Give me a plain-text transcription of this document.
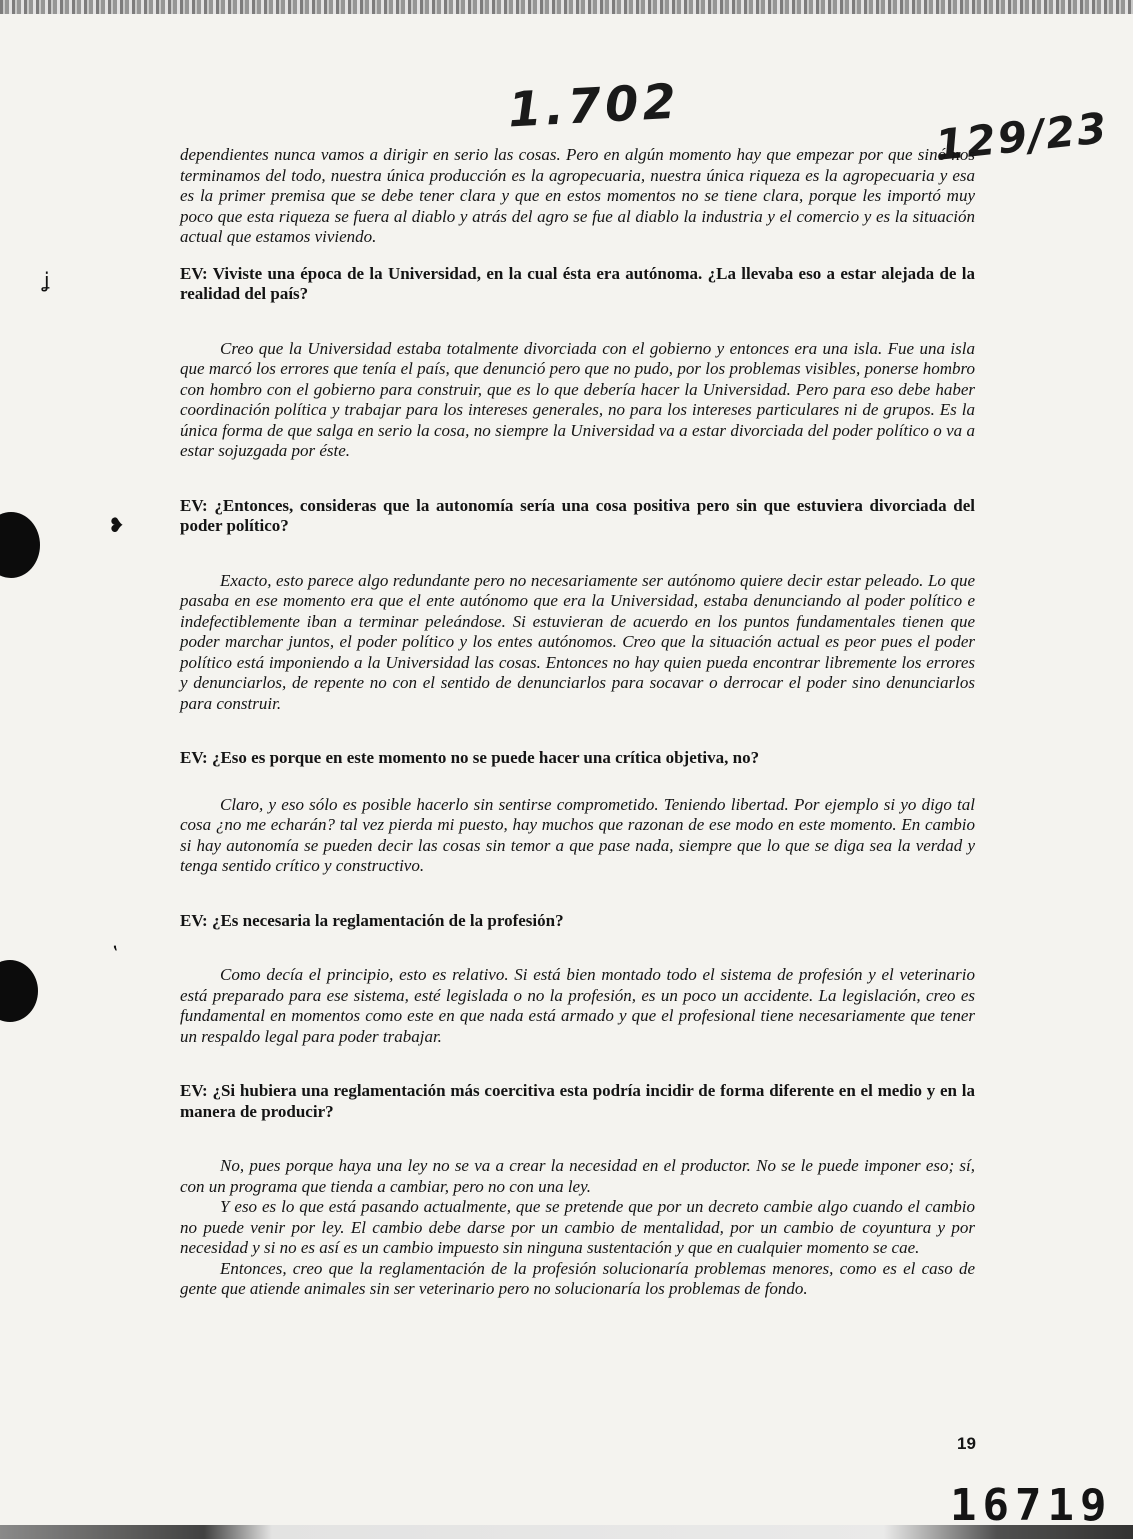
ʝ
❥
ʽ
1.702	129/23

dependientes nunca vamos a dirigir en serio las cosas. Pero en algún momento hay que empezar por que sinó nos terminamos del todo, nuestra única producción es la agropecuaria, nuestra única riqueza es la agropecuaria y esa es la primer premisa que se debe tener clara y que en estos momentos no se tiene clara, porque les importó muy poco que esta riqueza se fuera al diablo y atrás del agro se fue al diablo la industria y el comercio y es la situación actual que estamos viviendo.

EV: Viviste una época de la Universidad, en la cual ésta era autónoma. ¿La llevaba eso a estar alejada de la realidad del país?

Creo que la Universidad estaba totalmente divorciada con el gobierno y entonces era una isla. Fue una isla que marcó los errores que tenía el país, que denunció pero que no pudo, por los problemas visibles, ponerse hombro con hombro con el gobierno para construir, que es lo que debería hacer la Universidad. Pero para eso debe haber coordinación política y trabajar para los intereses generales, no para los intereses particulares ni de grupos. Es la única forma de que salga en serio la cosa, no siempre la Universidad va a estar divorciada del poder político o va a estar sojuzgada por éste.

EV: ¿Entonces, consideras que la autonomía sería una cosa positiva pero sin que estuviera divorciada del poder político?

Exacto, esto parece algo redundante pero no necesariamente ser autónomo quiere decir estar peleado. Lo que pasaba en ese momento era que el ente autónomo que era la Universidad, estaba denunciando al poder político e indefectiblemente iban a terminar peleándose. Si estuvieran de acuerdo en los puntos fundamentales tienen que poder marchar juntos, el poder político y los entes autónomos. Creo que la situación actual es peor pues el poder político está imponiendo a la Universidad las cosas. Entonces no hay quien pueda encontrar libremente los errores y denunciarlos, de repente no con el sentido de denunciarlos para socavar o derrocar el poder sino denunciarlos para construir.

EV: ¿Eso es porque en este momento no se puede hacer una crítica objetiva, no?

Claro, y eso sólo es posible hacerlo sin sentirse comprometido. Teniendo libertad. Por ejemplo si yo digo tal cosa ¿no me echarán? tal vez pierda mi puesto, hay muchos que razonan de ese modo en este momento. En cambio si hay autonomía se pueden decir las cosas sin temor a que pase nada, siempre que lo que se diga sea la verdad y tenga sentido crítico y constructivo.

EV: ¿Es necesaria la reglamentación de la profesión?

Como decía el principio, esto es relativo. Si está bien montado todo el sistema de profesión y el veterinario está preparado para ese sistema, esté legislada o no la profesión, es un poco un accidente. La legislación, creo es fundamental en momentos como este en que nada está armado y que el profesional tiene necesariamente que tener un respaldo legal para poder trabajar.

EV: ¿Si hubiera una reglamentación más coercitiva esta podría incidir de forma diferente en el medio y en la manera de producir?

No, pues porque haya una ley no se va a crear la necesidad en el productor. No se le puede imponer eso; sí, con un programa que tienda a cambiar, pero no con una ley.

Y eso es lo que está pasando actualmente, que se pretende que por un decreto cambie algo cuando el cambio no puede venir por ley. El cambio debe darse por un cambio de mentalidad, por un cambio de coyuntura y por necesidad y si no es así es un cambio impuesto sin ninguna sustentación y que en cualquier momento se cae.

Entonces, creo que la reglamentación de la profesión solucionaría problemas menores, como es el caso de gente que atiende animales sin ser veterinario pero no solucionaría los problemas de fondo.

19
16719
